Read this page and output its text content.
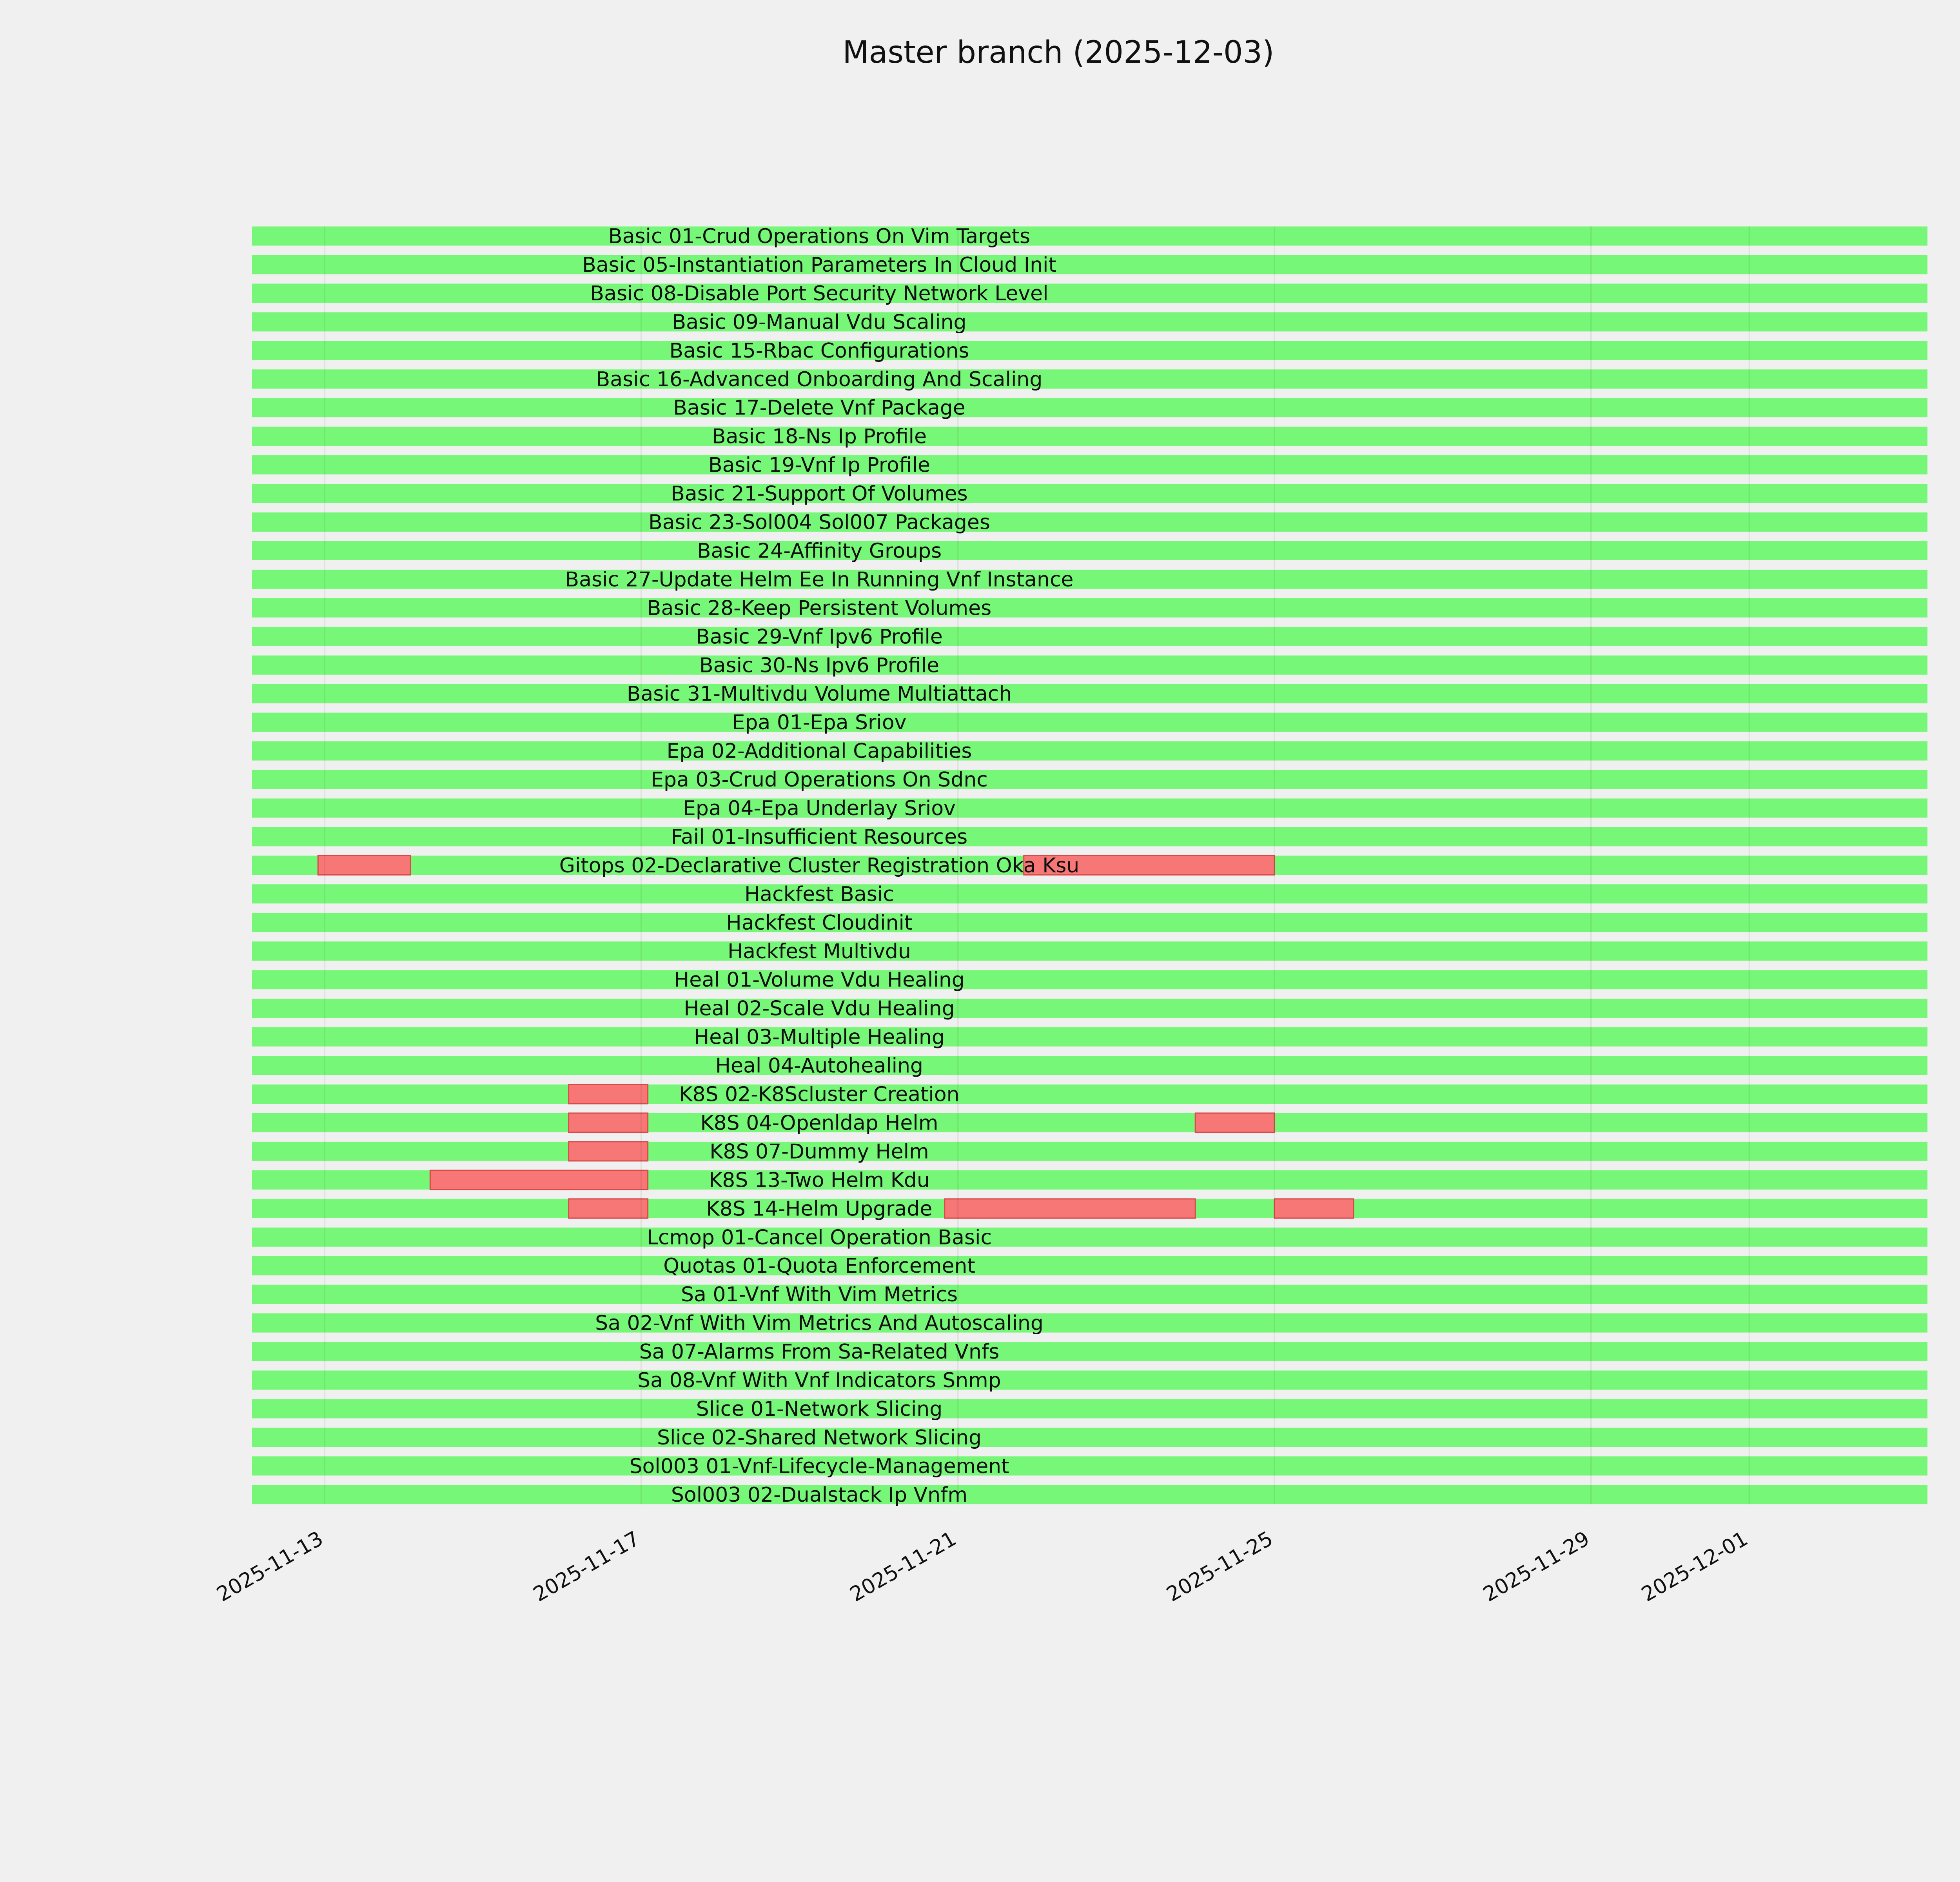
Master branch (2025-12-03)
Basic 01-Crud Operations On Vim Targets
Basic 05-Instantiation Parameters In Cloud Init
Basic 08-Disable Port Security Network Level
Basic 09-Manual Vdu Scaling
Basic 15-Rbac Configurations
Basic 16-Advanced Onboarding And Scaling
Basic 17-Delete Vnf Package
Basic 18-Ns Ip Profile
Basic 19-Vnf Ip Profile
Basic 21-Support Of Volumes
Basic 23-Sol004 Sol007 Packages
Basic 24-Affinity Groups
Basic 27-Update Helm Ee In Running Vnf Instance
Basic 28-Keep Persistent Volumes
Basic 29-Vnf Ipv6 Profile
Basic 30-Ns Ipv6 Profile
Basic 31-Multivdu Volume Multiattach
Epa 01-Epa Sriov
Epa 02-Additional Capabilities
Epa 03-Crud Operations On Sdnc
Epa 04-Epa Underlay Sriov
Fail 01-Insufficient Resources
Gitops 02-Declarative Cluster Registration Oka Ksu
Hackfest Basic
Hackfest Cloudinit
Hackfest Multivdu
Heal 01-Volume Vdu Healing
Heal 02-Scale Vdu Healing
Heal 03-Multiple Healing
Heal 04-Autohealing
K8S 02-K8Scluster Creation
K8S 04-Openldap Helm
K8S 07-Dummy Helm
K8S 13-Two Helm Kdu
K8S 14-Helm Upgrade
Lcmop 01-Cancel Operation Basic
Quotas 01-Quota Enforcement
Sa 01-Vnf With Vim Metrics
Sa 02-Vnf With Vim Metrics And Autoscaling
Sa 07-Alarms From Sa-Related Vnfs
Sa 08-Vnf With Vnf Indicators Snmp
Slice 01-Network Slicing
Slice 02-Shared Network Slicing
Sol003 01-Vnf-Lifecycle-Management
Sol003 02-Dualstack Ip Vnfm
2025-11-13	2025-11-17	2025-11-21	2025-11-25	2025-11-29 2025-12-01
